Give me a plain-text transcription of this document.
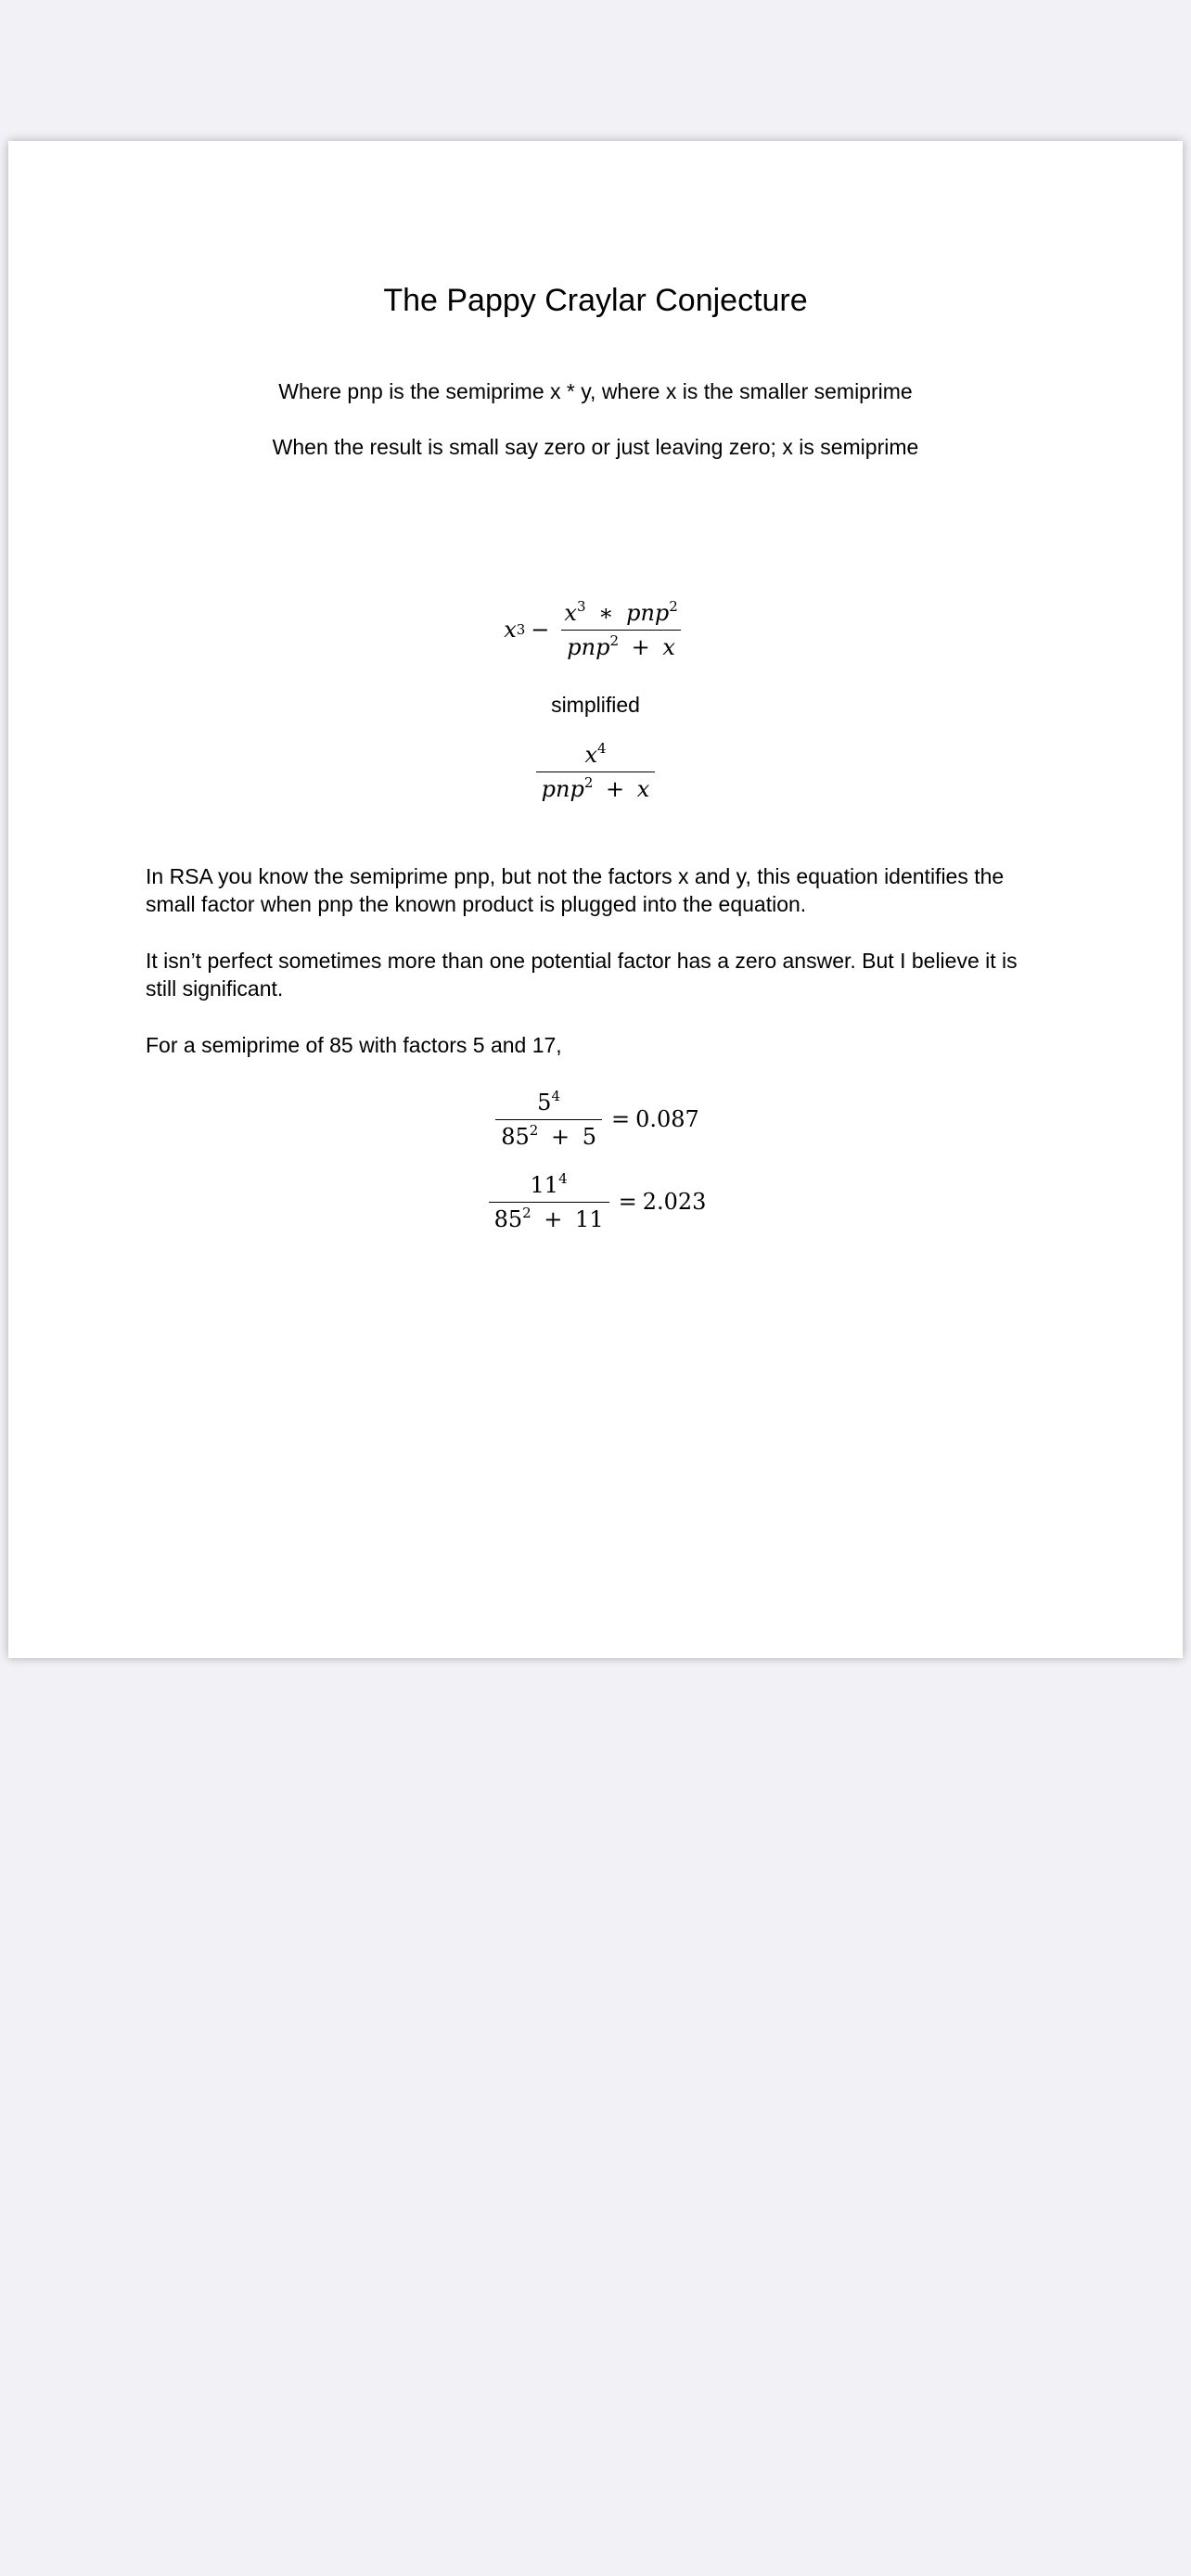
The Pappy Craylar Conjecture
Where pnp is the semiprime x * y, where x is the smaller semiprime
When the result is small say zero or just leaving zero; x is semiprime
x $3 - \frac{x^3 ∗ pnp^2}{pnp^2 + x}$
simplified
$\frac{x^4}{pnp^2 + x}$
In RSA you know the semiprime pnp, but not the factors x and y, this equation identifies the small factor when pnp the known product is plugged into the equation.
It isn’t perfect sometimes more than one potential factor has a zero answer. But I believe it is still significant.
For a semiprime of 85 with factors 5 and 17,
$\frac{5^4}{85^2 + 5} = 0.087$
$\frac{11^4}{85^2 + 11} = 2.023$
